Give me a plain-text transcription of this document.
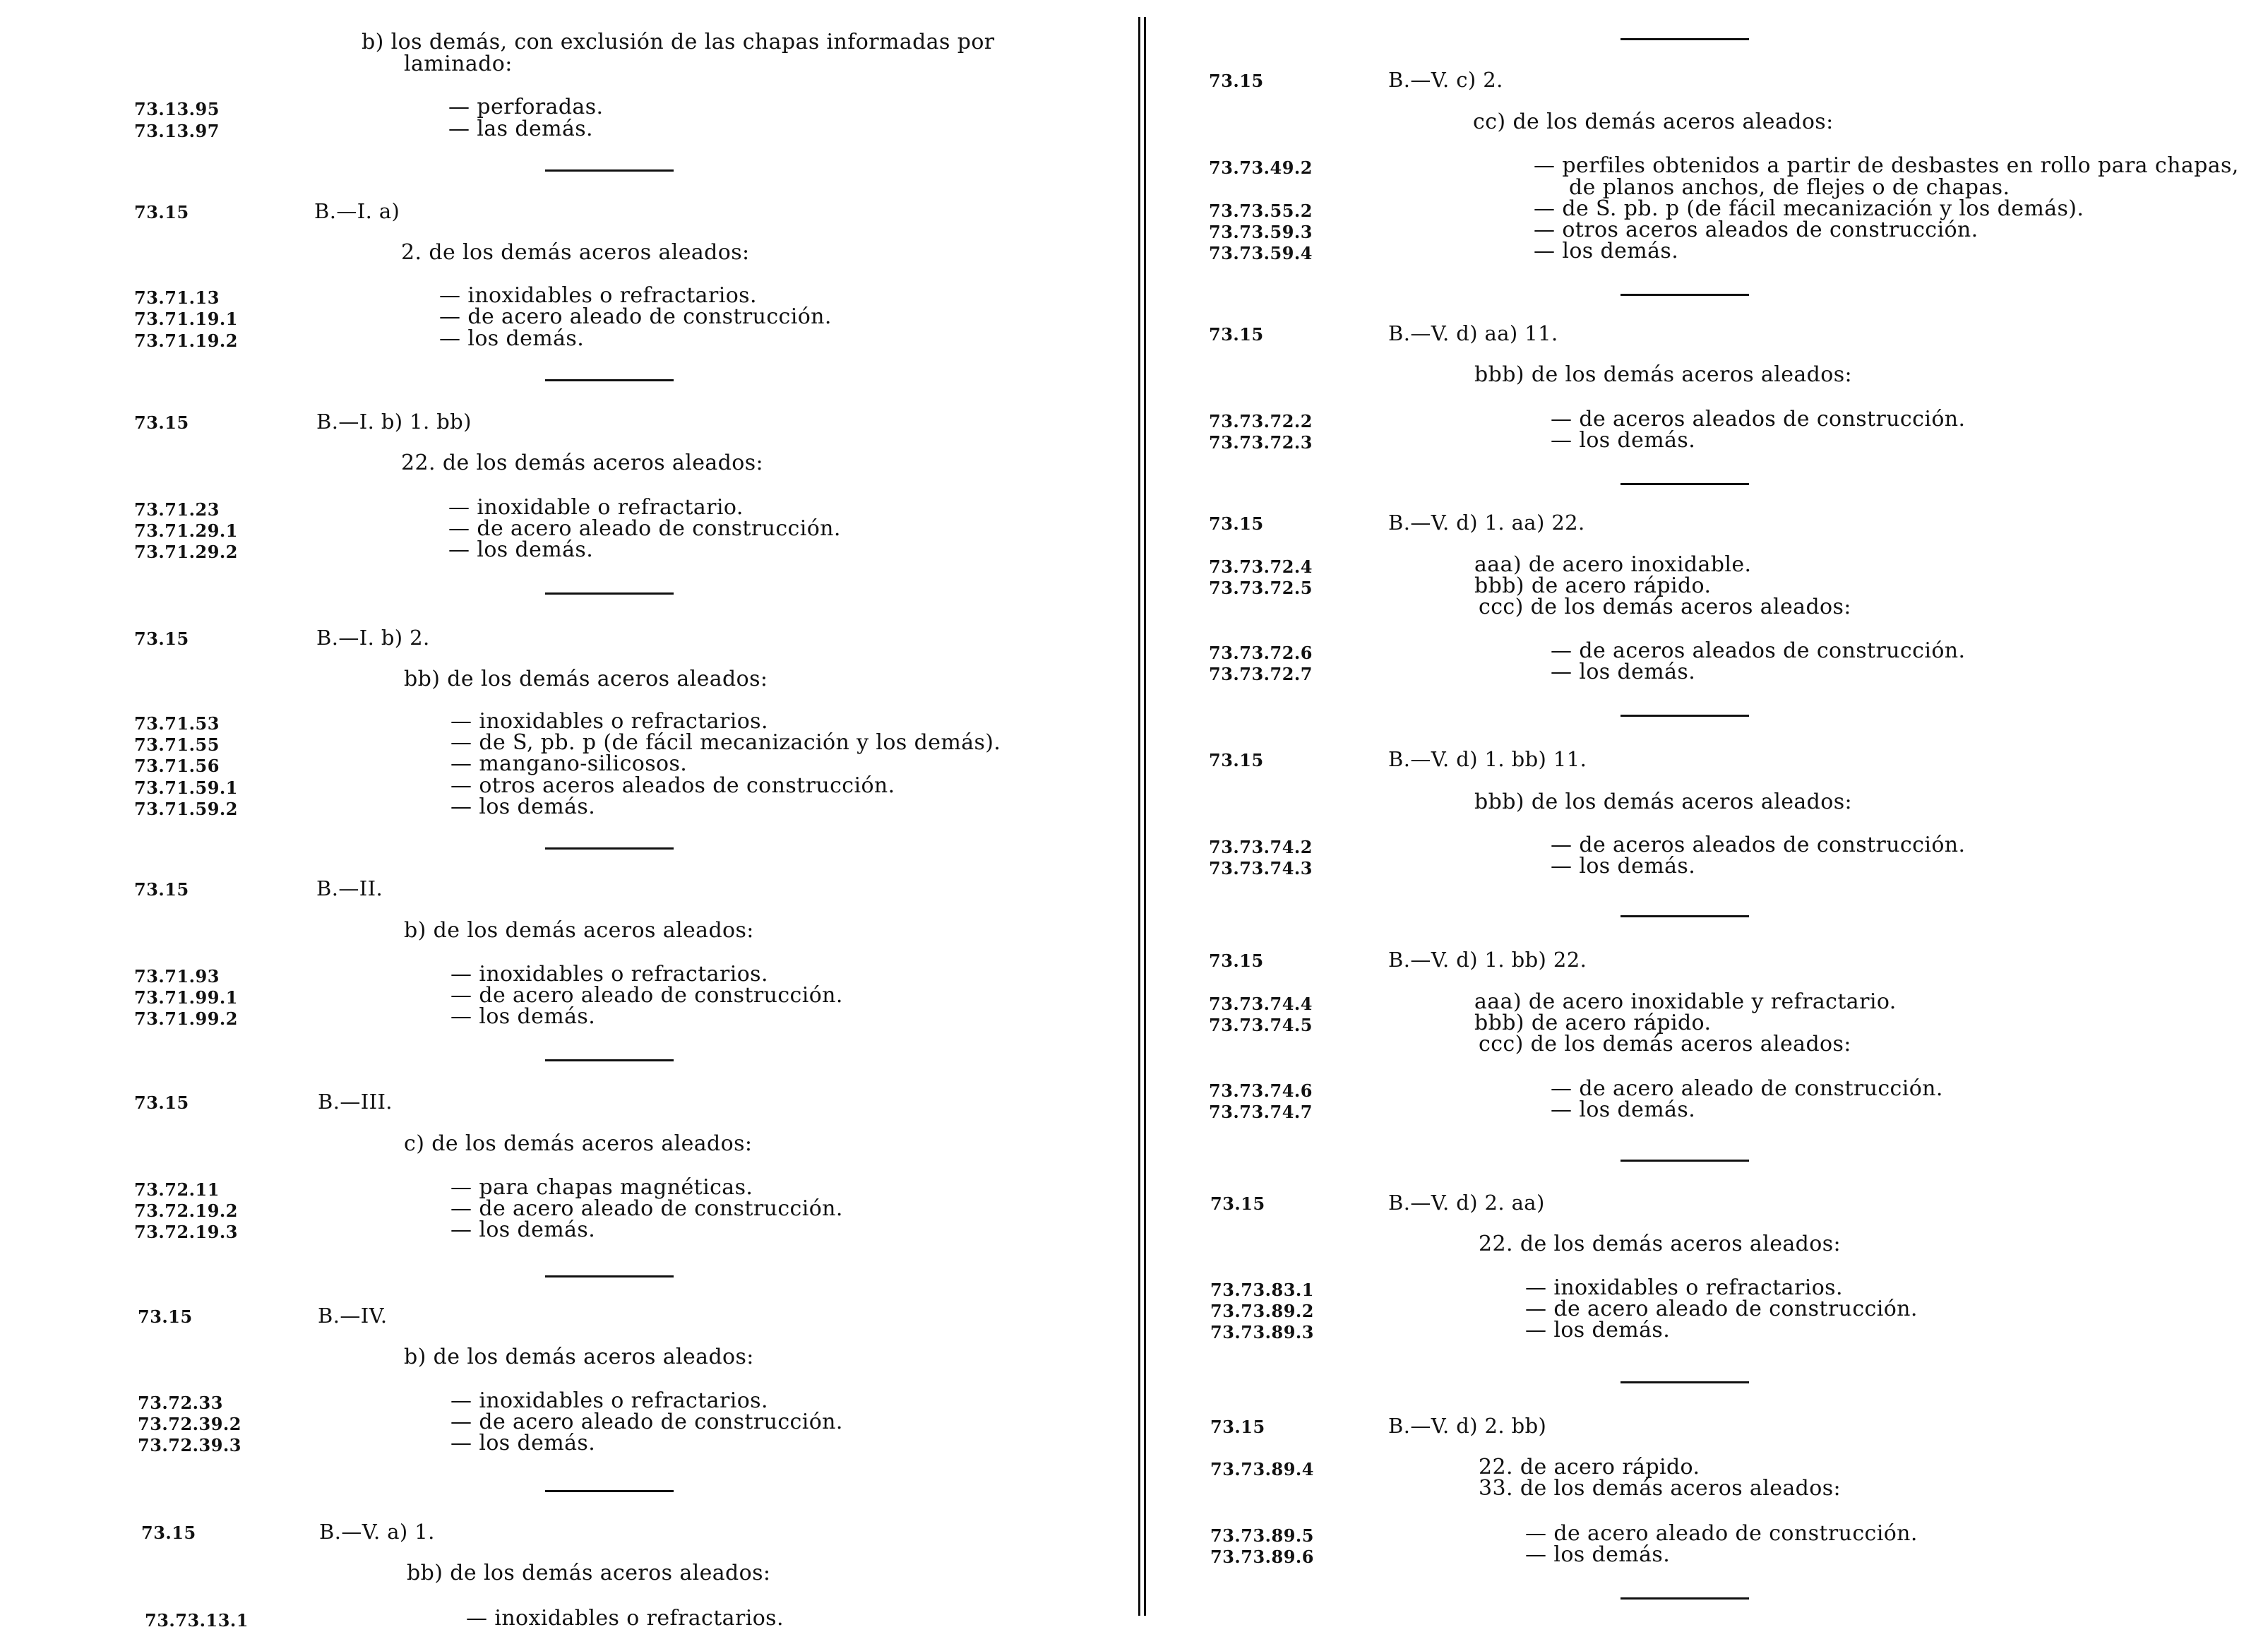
73.13.95
73.13.97
73.15
73.71.13
73.71.19.1
73.71.19.2
73.15
73.71.23
73.71.29.1
73.71.29.2
73.15
73.71.53
73.71.55
73.71.56
73.71.59.1
73.71.59.2
73.15
73.71.93
73.71.99.1
73.71.99.2
73.15
73.72.11
73.72.19.2
73.72.19.3
73.15
73.72.33
73.72.39.2
73.72.39.3
73.15
73.73.13.1
B.—I. a)
B.—I. b) 1. bb)
B.—I. b) 2.
B.—II.
B.—III.
B.—IV.
B.—V. a) 1.
b) los demás, con exclusión de las chapas informadas por laminado:
— perforadas.
— las demás.
2. de los demás aceros aleados:
— inoxidables o refractarios.
— de acero aleado de construcción.
— los demás.
22. de los demás aceros aleados:
— inoxidable o refractario.
— de acero aleado de construcción.
— los demás.
bb) de los demás aceros aleados:
— inoxidables o refractarios.
— de S, pb. p (de fácil mecanización y los demás).
— mangano-silicosos.
— otros aceros aleados de construcción.
— los demás.
b) de los demás aceros aleados:
— inoxidables o refractarios.
— de acero aleado de construcción.
— los demás.
c) de los demás aceros aleados:
— para chapas magnéticas.
— de acero aleado de construcción.
— los demás.
b) de los demás aceros aleados:
— inoxidables o refractarios.
— de acero aleado de construcción.
— los demás.
bb) de los demás aceros aleados:
— inoxidables o refractarios.
73.15
73.73.49.2
73.73.55.2
73.73.59.3
73.73.59.4
73.15
73.73.72.2
73.73.72.3
73.15
73.73.72.4
73.73.72.5
73.73.72.6
73.73.72.7
73.15
73.73.74.2
73.73.74.3
73.15
73.73.74.4
73.73.74.5
73.73.74.6
73.73.74.7
73.15
73.73.83.1
73.73.89.2
73.73.89.3
73.15
73.73.89.4
73.73.89.5
73.73.89.6
B.—V. c) 2.
B.—V. d) aa) 11.
B.—V. d) 1. aa) 22.
B.—V. d) 1. bb) 11.
B.—V. d) 1. bb) 22.
B.—V. d) 2. aa)
B.—V. d) 2. bb)
cc) de los demás aceros aleados:
— perfiles obtenidos a partir de desbastes en rollo para chapas, de planos anchos, de flejes o de chapas.
— de S. pb. p (de fácil mecanización y los demás).
— otros aceros aleados de construcción.
— los demás.
bbb) de los demás aceros aleados:
— de aceros aleados de construcción.
— los demás.
aaa) de acero inoxidable.
bbb) de acero rápido.
ccc) de los demás aceros aleados:
— de aceros aleados de construcción.
— los demás.
bbb) de los demás aceros aleados:
— de aceros aleados de construcción.
— los demás.
aaa) de acero inoxidable y refractario.
bbb) de acero rápido.
ccc) de los demás aceros aleados:
— de acero aleado de construcción.
— los demás.
22. de los demás aceros aleados:
— inoxidables o refractarios.
— de acero aleado de construcción.
— los demás.
22. de acero rápido.
33. de los demás aceros aleados:
— de acero aleado de construcción.
— los demás.
